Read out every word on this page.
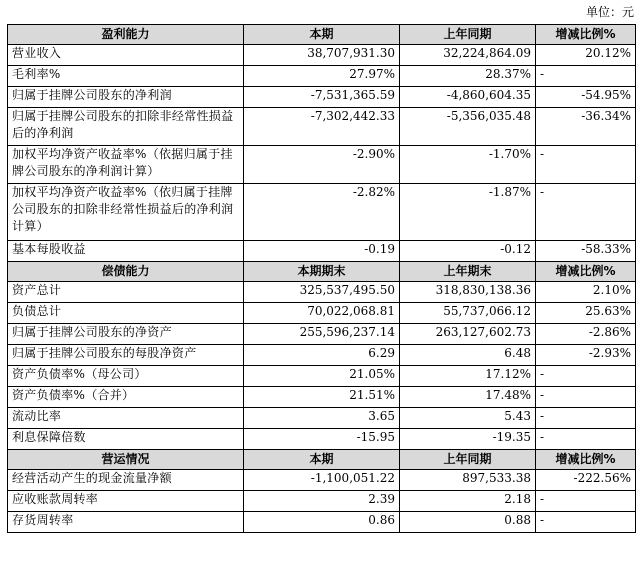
单位：元
盈利能力	本期	上年同期	增减比例%
营业收入	38,707,931.30	32,224,864.09	20.12%
毛利率%	27.97%	28.37%	-
归属于挂牌公司股东的净利润	-7,531,365.59	-4,860,604.35	-54.95%
归属于挂牌公司股东的扣除非经常性损益后的净利润	-7,302,442.33	-5,356,035.48	-36.34%
加权平均净资产收益率%（依据归属于挂牌公司股东的净利润计算）	-2.90%	-1.70%	-
加权平均净资产收益率%（依归属于挂牌公司股东的扣除非经常性损益后的净利润计算）	-2.82%	-1.87%	-
基本每股收益	-0.19	-0.12	-58.33%
偿债能力	本期期末	上年期末	增减比例%
资产总计	325,537,495.50	318,830,138.36	2.10%
负债总计	70,022,068.81	55,737,066.12	25.63%
归属于挂牌公司股东的净资产	255,596,237.14	263,127,602.73	-2.86%
归属于挂牌公司股东的每股净资产	6.29	6.48	-2.93%
资产负债率%（母公司）	21.05%	17.12%	-
资产负债率%（合并）	21.51%	17.48%	-
流动比率	3.65	5.43	-
利息保障倍数	-15.95	-19.35	-
营运情况	本期	上年同期	增减比例%
经营活动产生的现金流量净额	-1,100,051.22	897,533.38	-222.56%
应收账款周转率	2.39	2.18	-
存货周转率	0.86	0.88	-
